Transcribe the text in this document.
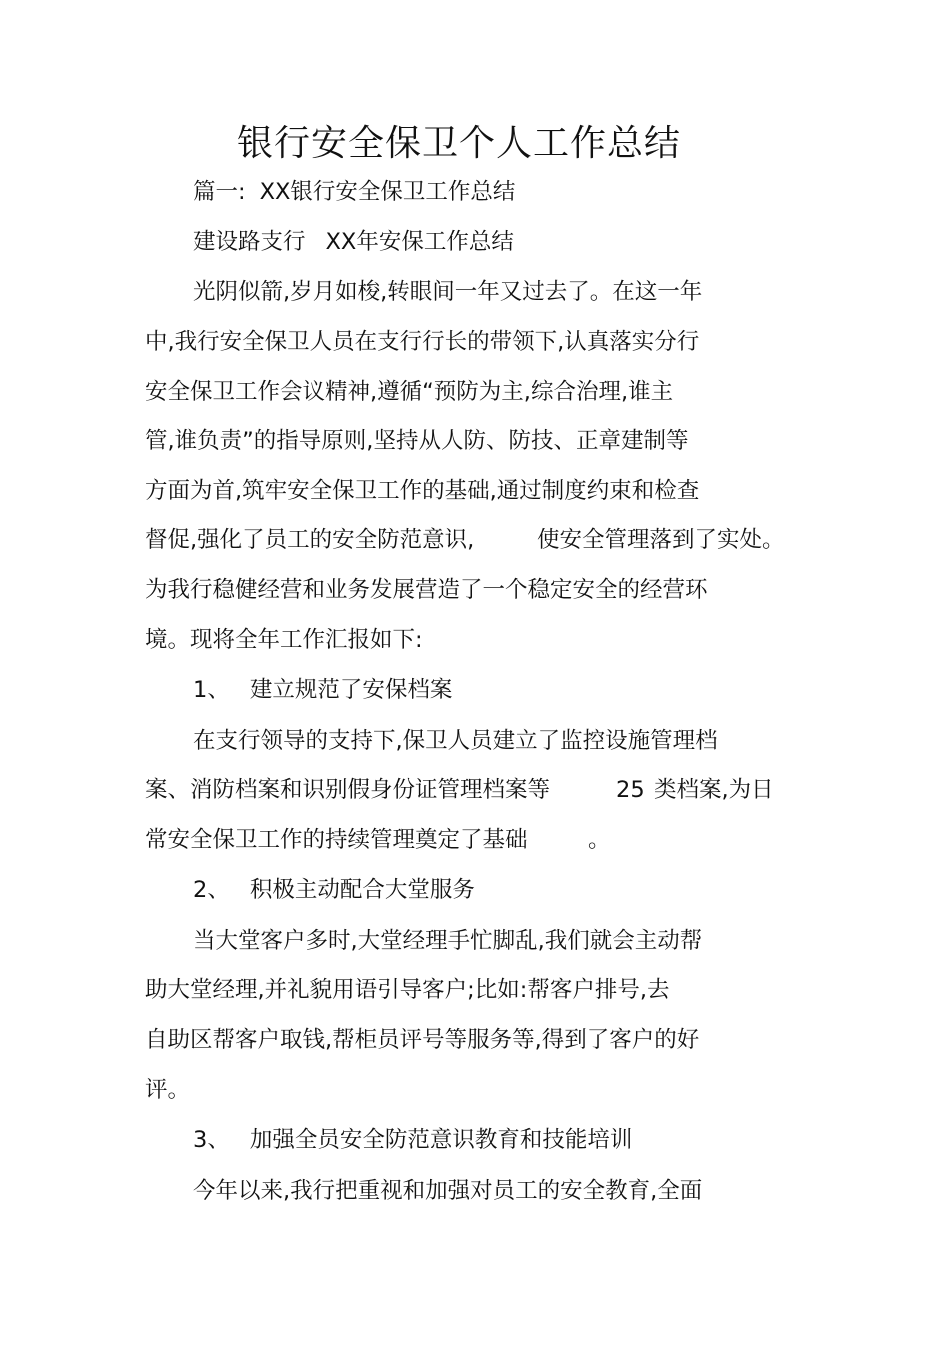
银行安全保卫个人工作总结
篇一: XX银行安全保卫工作总结
建设路支行 XX年安保工作总结
光阴似箭,岁月如梭,转眼间一年又过去了。在这一年
中,我行安全保卫人员在支行行长的带领下,认真落实分行
安全保卫工作会议精神,遵循“预防为主,综合治理,谁主
管,谁负责”的指导原则,坚持从人防、防技、正章建制等
方面为首,筑牢安全保卫工作的基础,通过制度约束和检查
督促,强化了员工的安全防范意识,	使安全管理落到了实处。
为我行稳健经营和业务发展营造了一个稳定安全的经营环
境。现将全年工作汇报如下:
1、 建立规范了安保档案
在支行领导的支持下,保卫人员建立了监控设施管理档
案、消防档案和识别假身份证管理档案等	25 类档案,为日
常安全保卫工作的持续管理奠定了基础	。
2、 积极主动配合大堂服务
当大堂客户多时,大堂经理手忙脚乱,我们就会主动帮
助大堂经理,并礼貌用语引导客户;比如:帮客户排号,去
自助区帮客户取钱,帮柜员评号等服务等,得到了客户的好
评。
3、 加强全员安全防范意识教育和技能培训
今年以来,我行把重视和加强对员工的安全教育,全面
